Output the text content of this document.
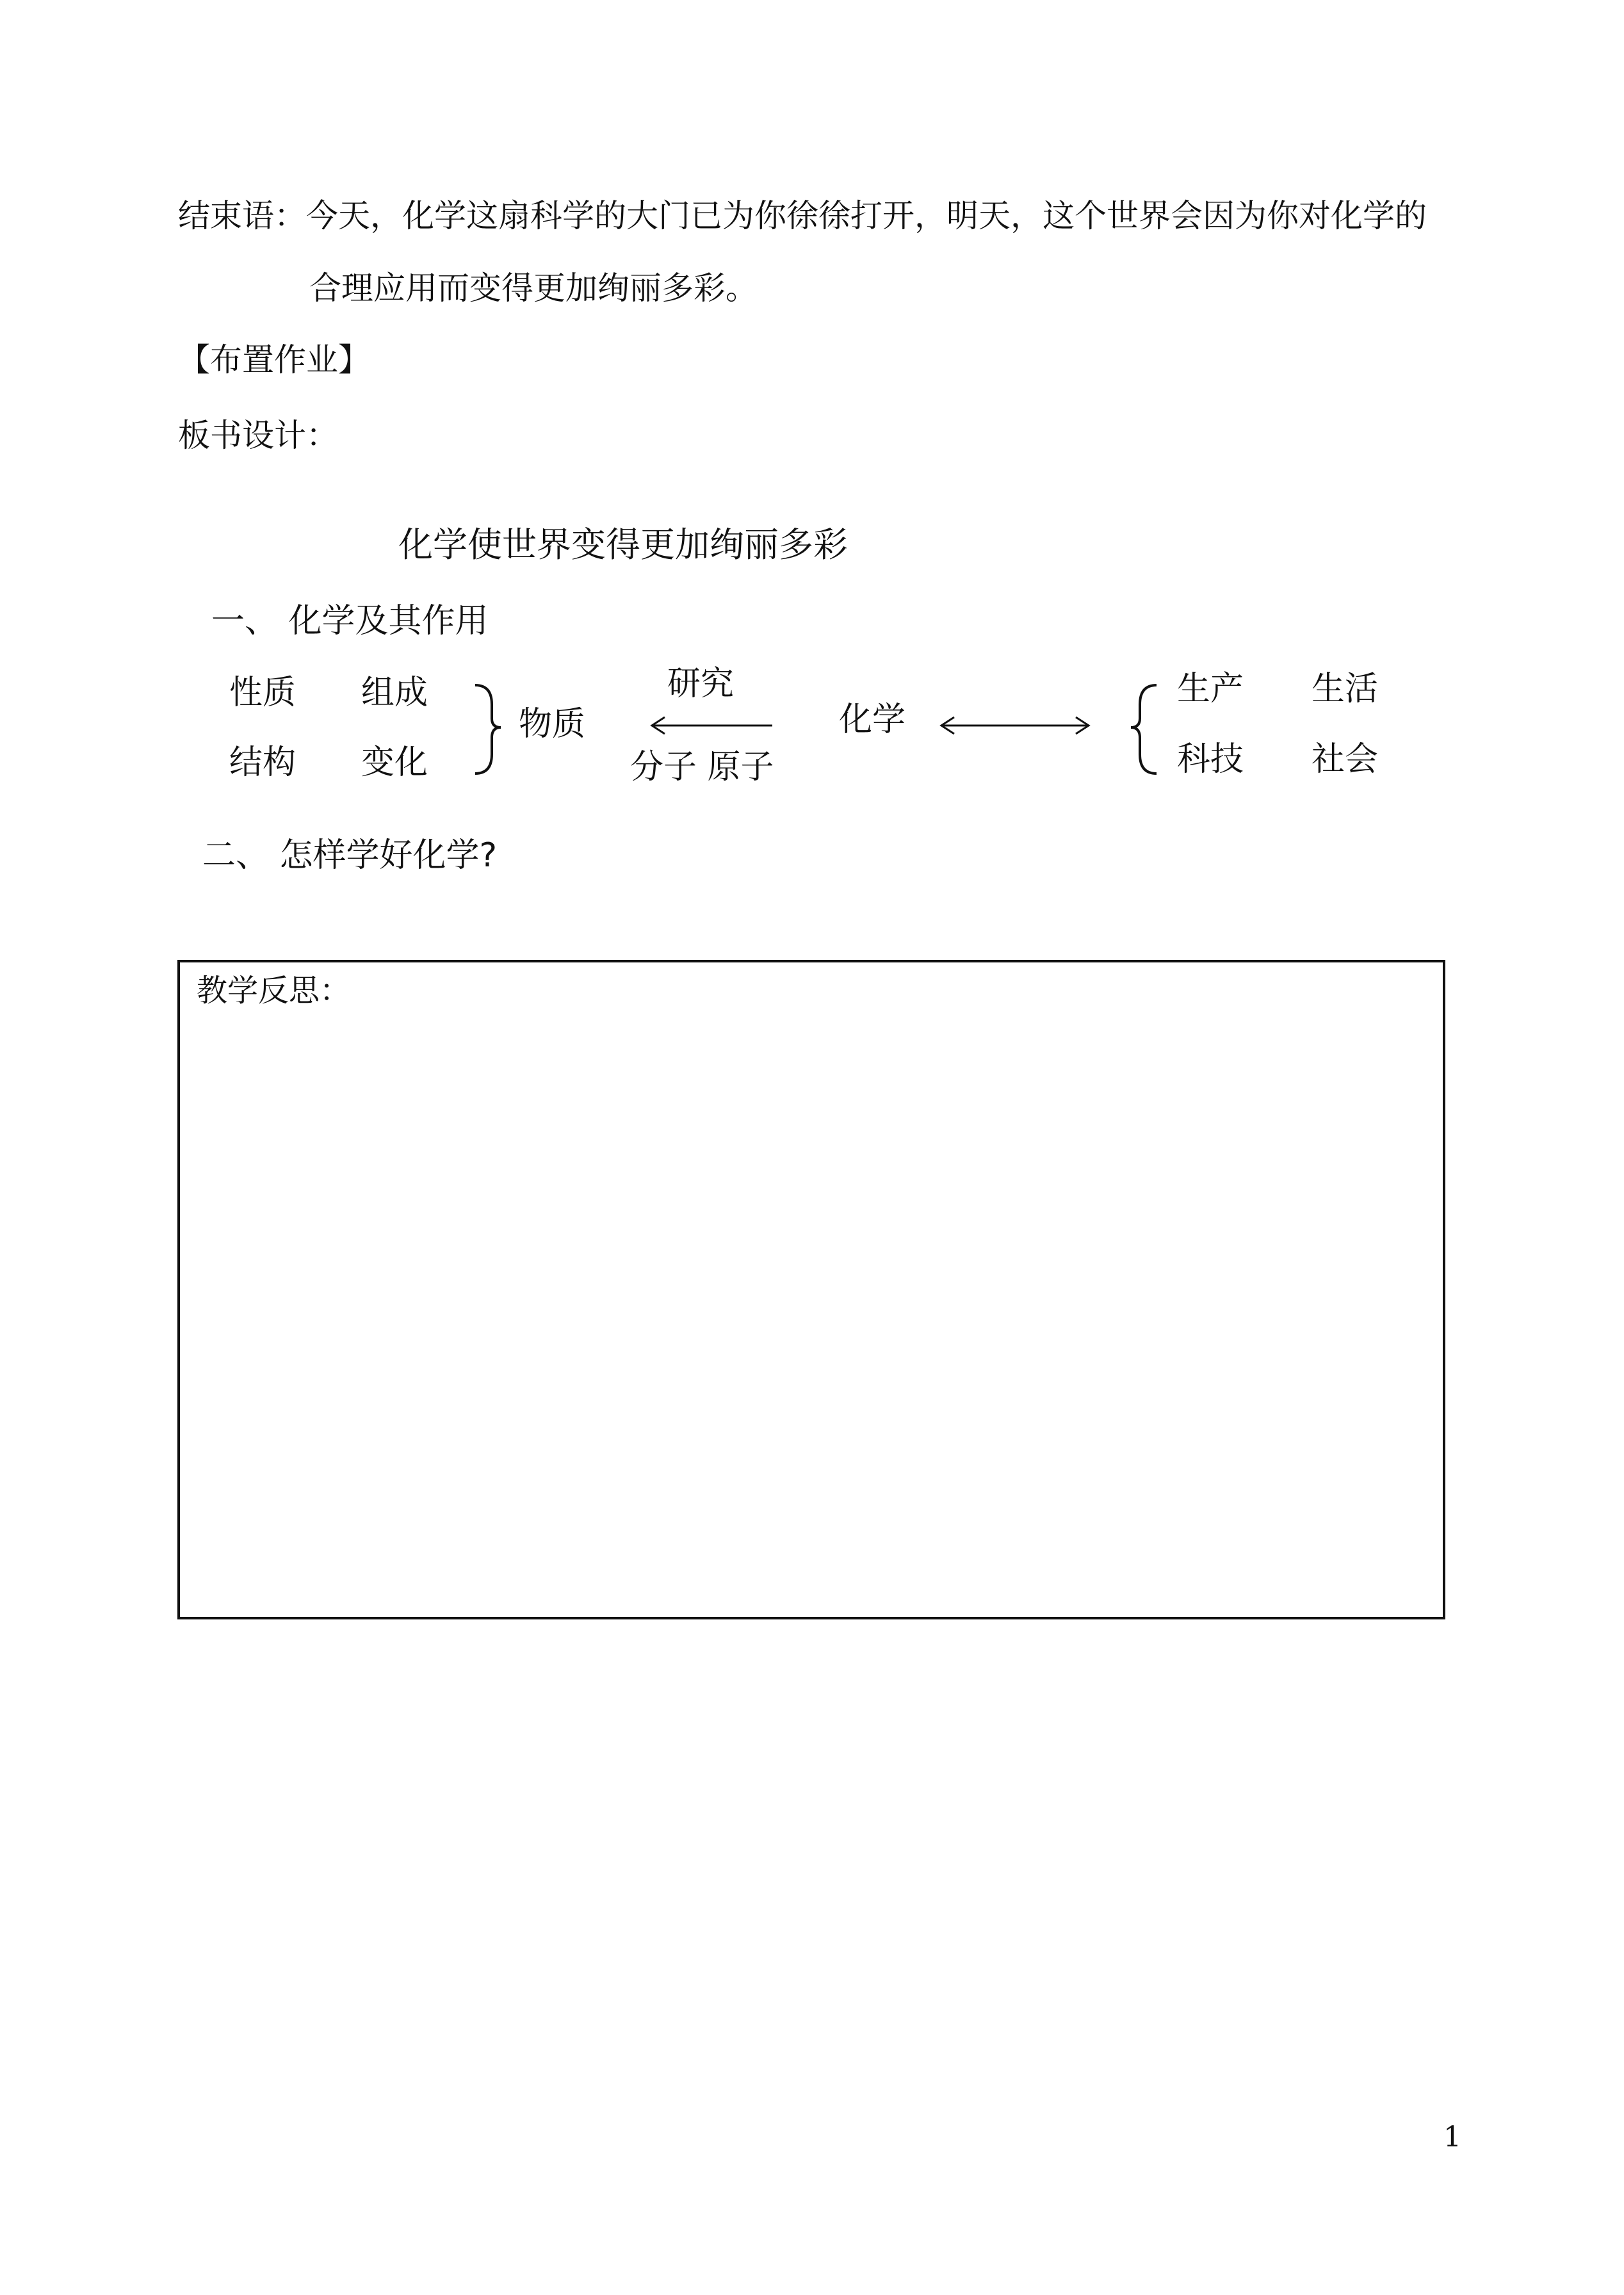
结束语：今天，化学这扇科学的大门已为你徐徐打开，明天，这个世界会因为你对化学的
合理应用而变得更加绚丽多彩。
【布置作业】
板书设计：
化学使世界变得更加绚丽多彩
一、 化学及其作用
性质 组成
结构 变化
物质
研究
分子 原子
化学
生产 生活
科技 社会
二、 怎样学好化学?
教学反思：
1
